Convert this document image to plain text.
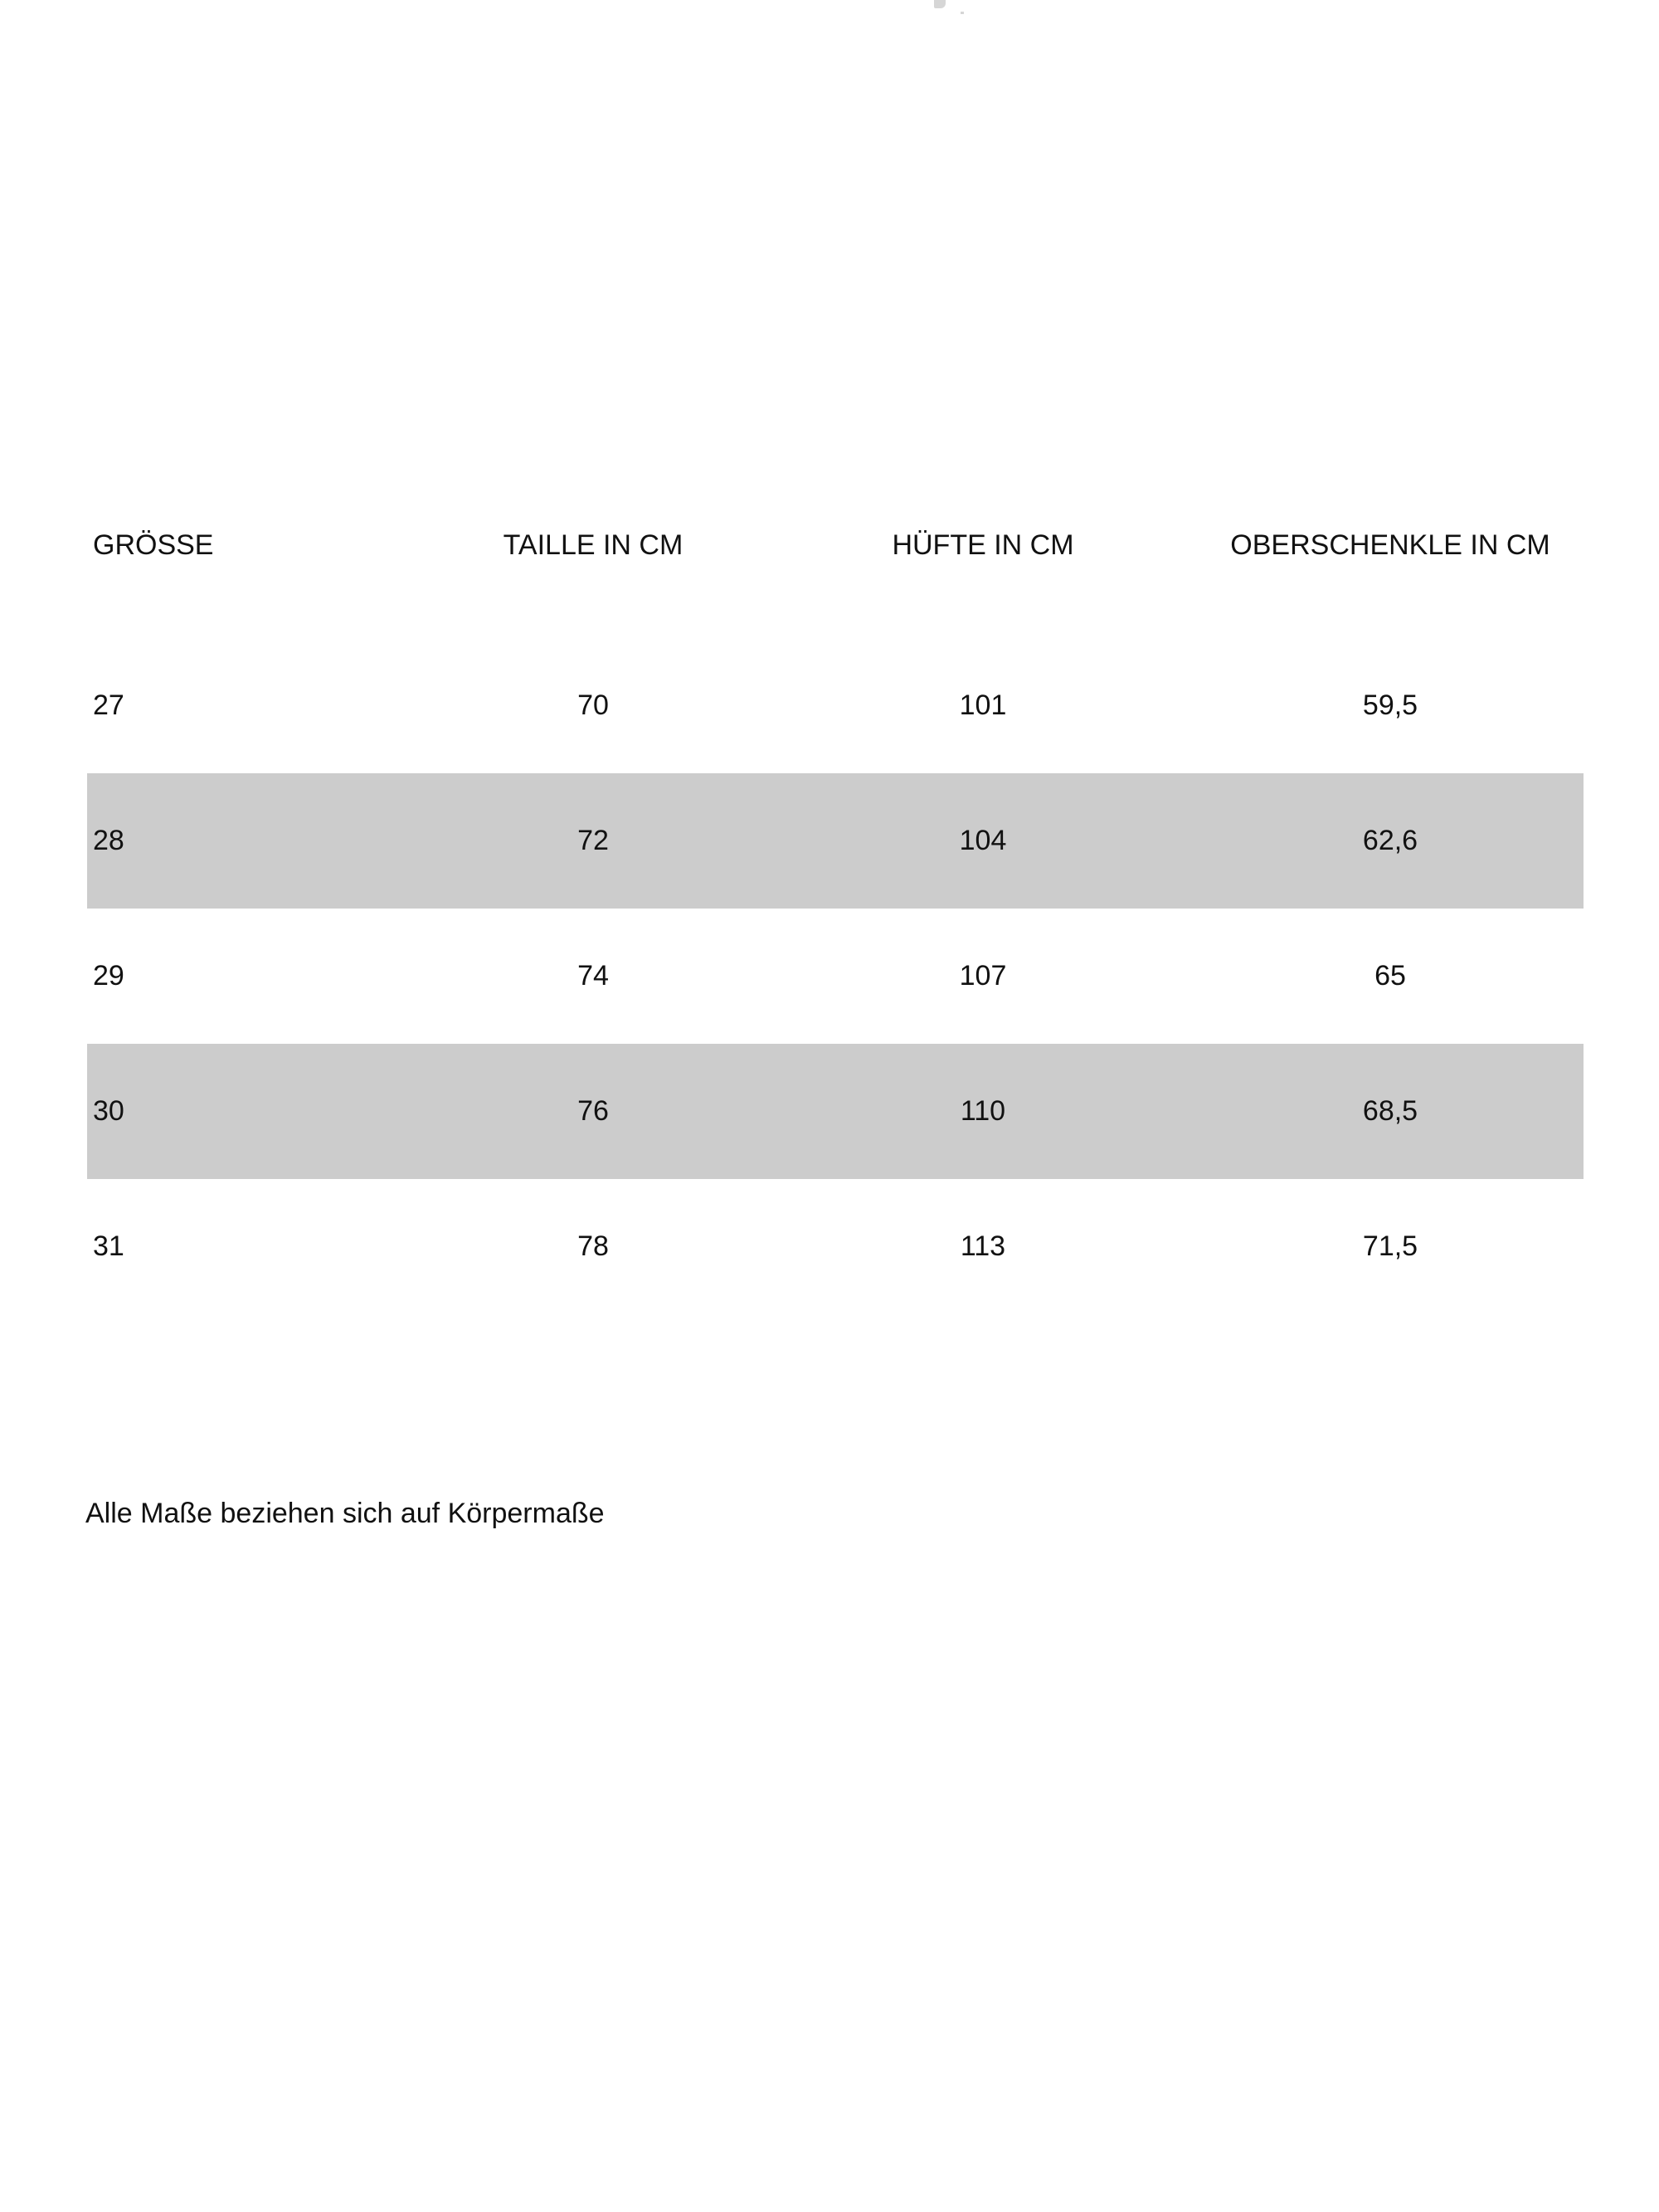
GRÖSSE	TAILLE IN CM	HÜFTE IN CM	OBERSCHENKLE IN CM
27	70	101	59,5
28	72	104	62,6
29	74	107	65
30	76	110	68,5
31	78	113	71,5
Alle Maße beziehen sich auf Körpermaße
